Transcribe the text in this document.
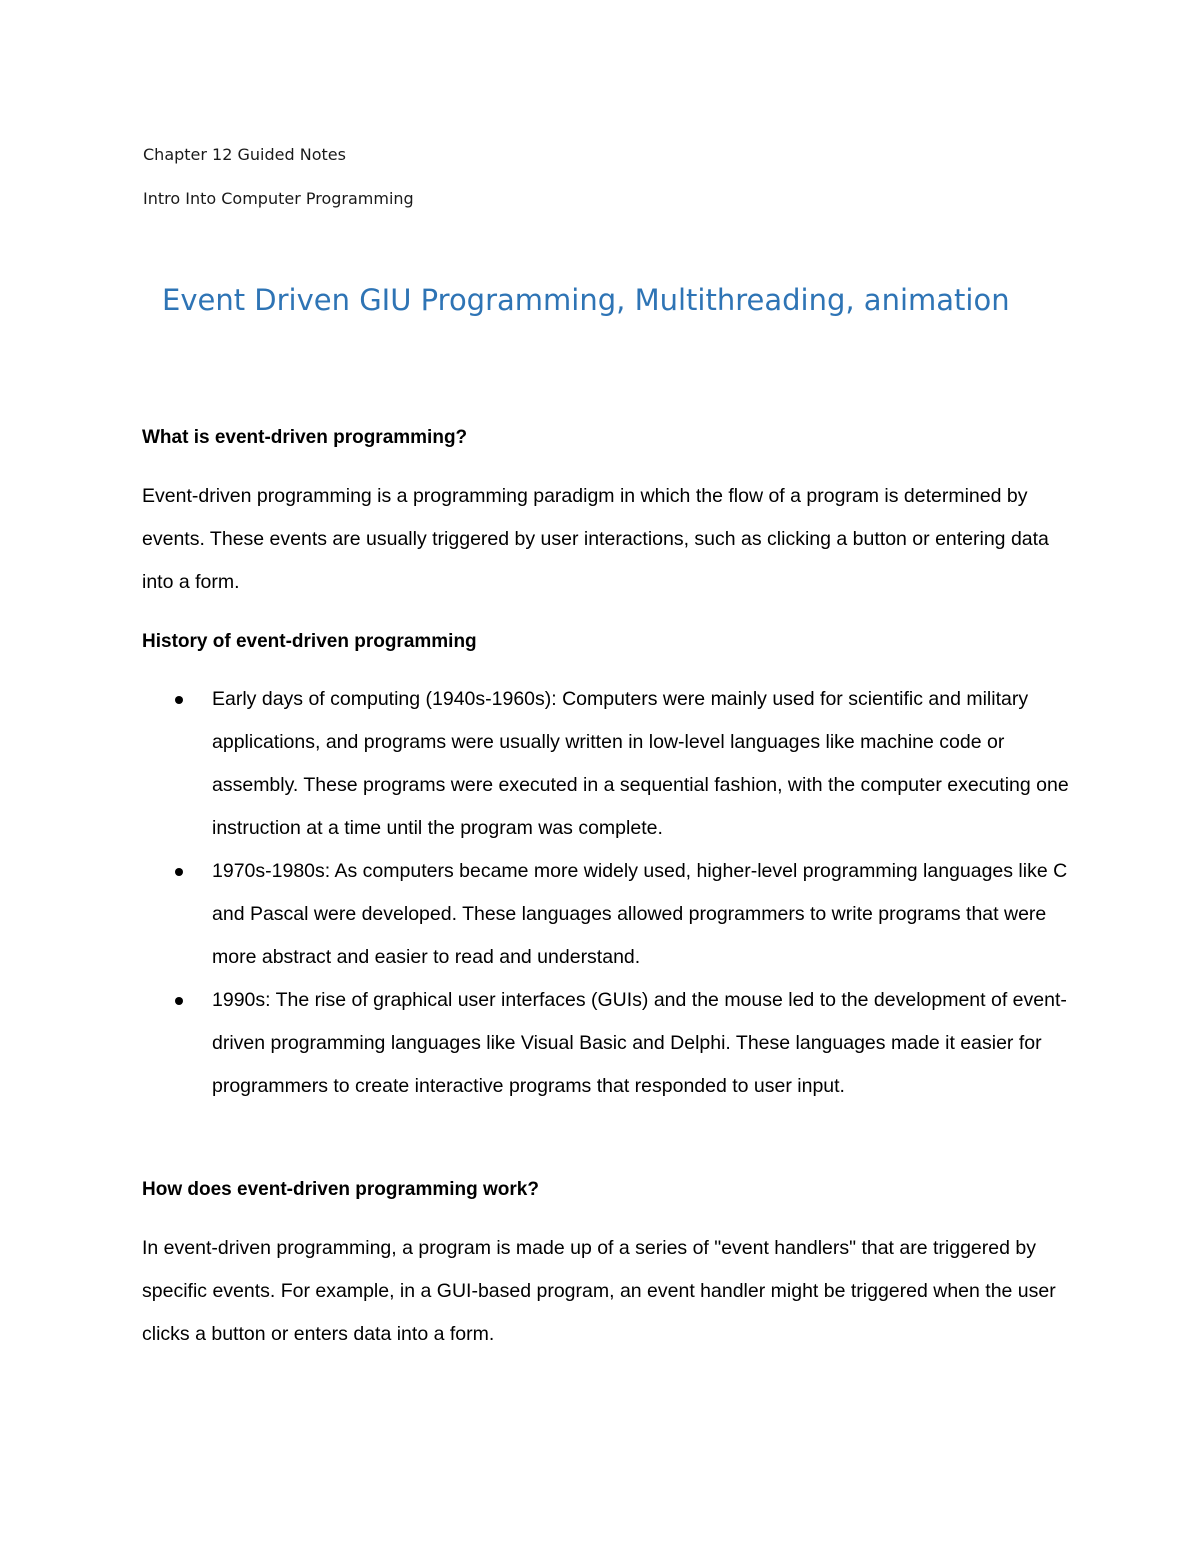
Chapter 12 Guided Notes
Intro Into Computer Programming
Event Driven GIU Programming, Multithreading, animation
What is event-driven programming?
Event-driven programming is a programming paradigm in which the flow of a program is determined by events. These events are usually triggered by user interactions, such as clicking a button or entering data into a form.
History of event-driven programming
Early days of computing (1940s-1960s): Computers were mainly used for scientific and military applications, and programs were usually written in low-level languages like machine code or assembly. These programs were executed in a sequential fashion, with the computer executing one instruction at a time until the program was complete.
1970s-1980s: As computers became more widely used, higher-level programming languages like C and Pascal were developed. These languages allowed programmers to write programs that were more abstract and easier to read and understand.
1990s: The rise of graphical user interfaces (GUIs) and the mouse led to the development of event-driven programming languages like Visual Basic and Delphi. These languages made it easier for programmers to create interactive programs that responded to user input.
How does event-driven programming work?
In event-driven programming, a program is made up of a series of "event handlers" that are triggered by specific events. For example, in a GUI-based program, an event handler might be triggered when the user clicks a button or enters data into a form.
